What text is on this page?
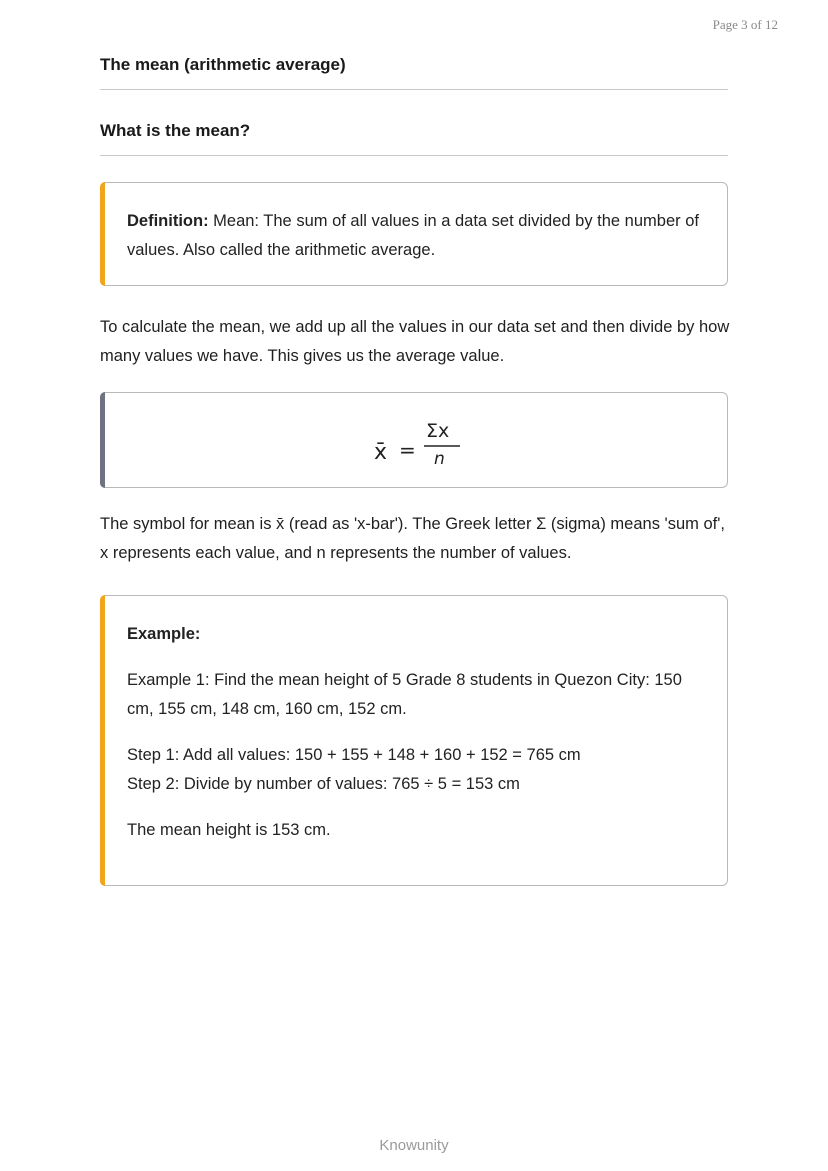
Page 3 of 12
The mean (arithmetic average)
What is the mean?
Definition: Mean: The sum of all values in a data set divided by the number of values. Also called the arithmetic average.
To calculate the mean, we add up all the values in our data set and then divide by how many values we have. This gives us the average value.
x̄ =
Σx
n
The symbol for mean is x̄ (read as 'x-bar'). The Greek letter Σ (sigma) means 'sum of', x represents each value, and n represents the number of values.
Example:
Example 1: Find the mean height of 5 Grade 8 students in Quezon City: 150 cm, 155 cm, 148 cm, 160 cm, 152 cm.
Step 1: Add all values: 150 + 155 + 148 + 160 + 152 = 765 cm
Step 2: Divide by number of values: 765 ÷ 5 = 153 cm
The mean height is 153 cm.
Knowunity
